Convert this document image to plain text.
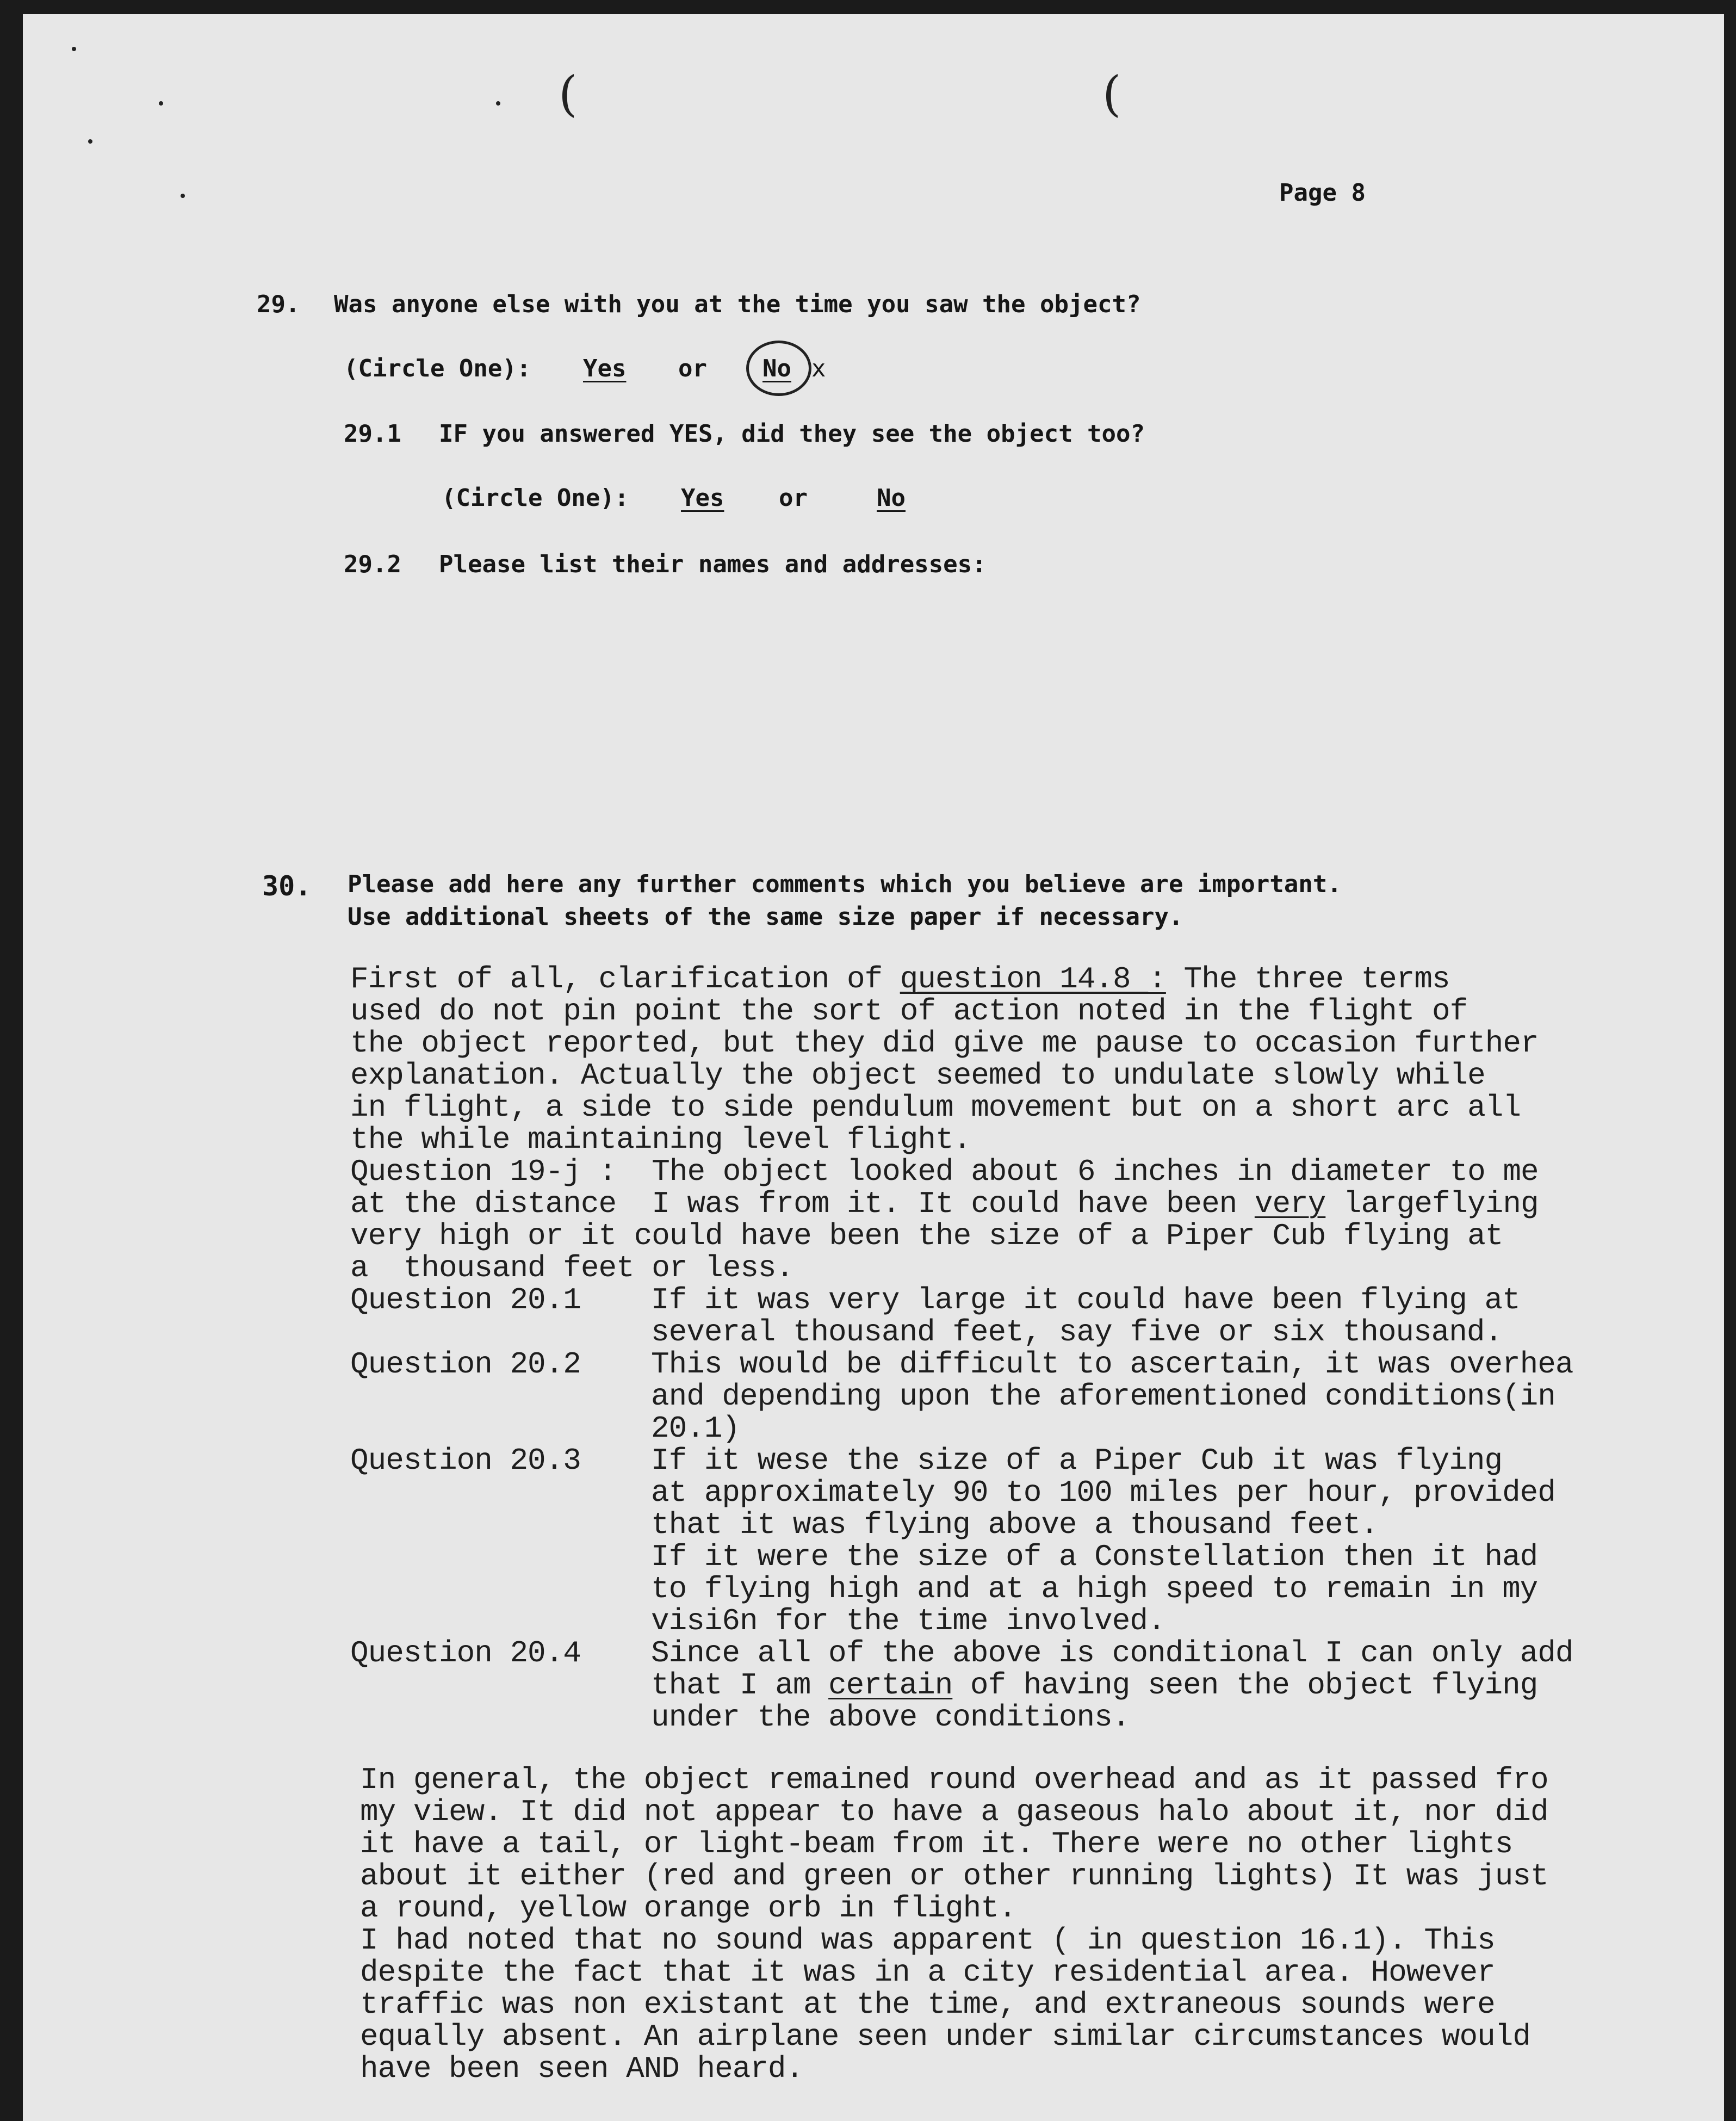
(	(
Page 8
29. Was anyone else with you at the time you saw the object?
(Circle One): Yes or No x
29.1 IF you answered YES, did they see the object too?
(Circle One): Yes or	No
29.2 Please list their names and addresses:
30. Please add here any further comments which you believe are important.
Use additional sheets of the same size paper if necessary.
First of all, clarification of question 14.8 : The three terms
used do not pin point the sort of action noted in the flight of
the object reported, but they did give me pause to occasion further
explanation. Actually the object seemed to undulate slowly while
in flight, a side to side pendulum movement but on a short arc all
the while maintaining level flight.
Question 19-j :  The object looked about 6 inches in diameter to me
at the distance  I was from it. It could have been very largeflying
very high or it could have been the size of a Piper Cub flying at
a  thousand feet or less.
Question 20.1 If it was very large it could have been flying at
several thousand feet, say five or six thousand.
Question 20.2 This would be difficult to ascertain, it was overhea
and depending upon the aforementioned conditions(in
20.1)
Question 20.3 If it wese the size of a Piper Cub it was flying
at approximately 90 to 100 miles per hour, provided
that it was flying above a thousand feet.
If it were the size of a Constellation then it had
to flying high and at a high speed to remain in my
visi6n for the time involved.
Question 20.4 Since all of the above is conditional I can only add
that I am certain of having seen the object flying
under the above conditions.
In general, the object remained round overhead and as it passed fro
my view. It did not appear to have a gaseous halo about it, nor did
it have a tail, or light-beam from it. There were no other lights
about it either (red and green or other running lights) It was just
a round, yellow orange orb in flight.
I had noted that no sound was apparent ( in question 16.1). This
despite the fact that it was in a city residential area. However
traffic was non existant at the time, and extraneous sounds were
equally absent. An airplane seen under similar circumstances would
have been seen AND heard.
